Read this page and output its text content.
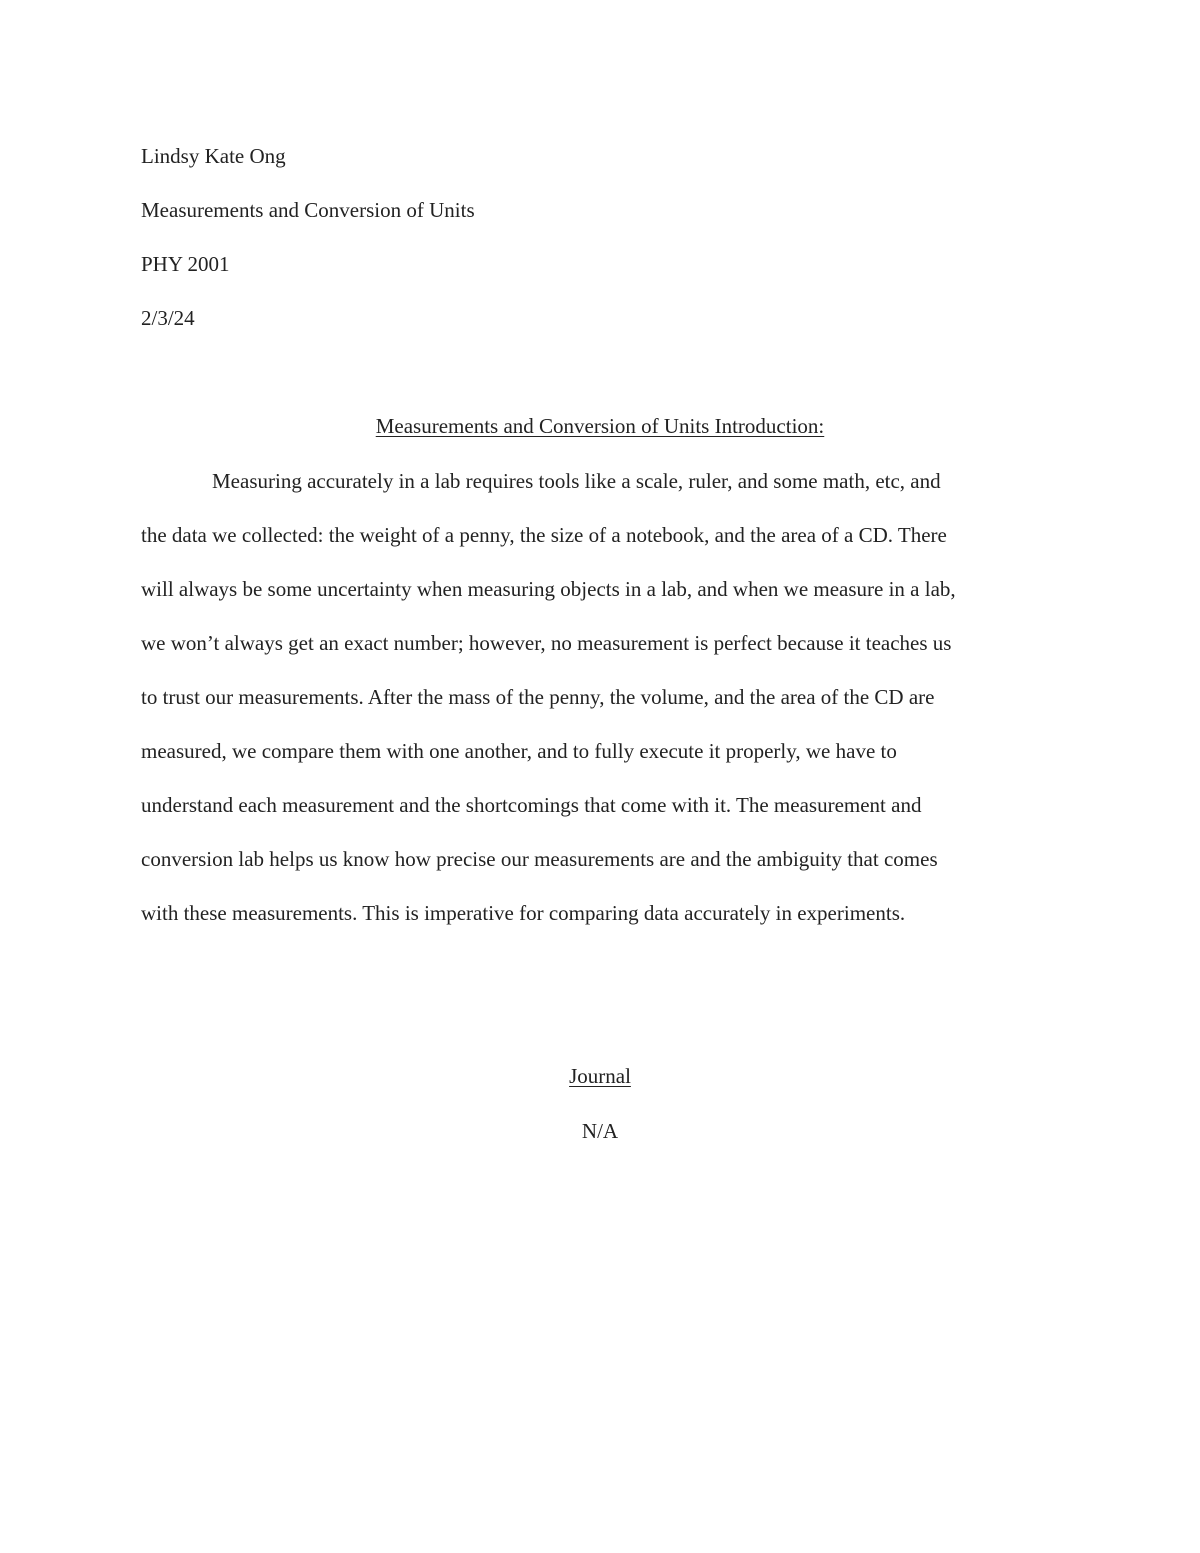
Lindsy Kate Ong
Measurements and Conversion of Units
PHY 2001
2/3/24
Measurements and Conversion of Units Introduction:
Measuring accurately in a lab requires tools like a scale, ruler, and some math, etc, and
the data we collected: the weight of a penny, the size of a notebook, and the area of a CD. There
will always be some uncertainty when measuring objects in a lab, and when we measure in a lab,
we won’t always get an exact number; however, no measurement is perfect because it teaches us
to trust our measurements. After the mass of the penny, the volume, and the area of the CD are
measured, we compare them with one another, and to fully execute it properly, we have to
understand each measurement and the shortcomings that come with it. The measurement and
conversion lab helps us know how precise our measurements are and the ambiguity that comes
with these measurements. This is imperative for comparing data accurately in experiments.
Journal
N/A
